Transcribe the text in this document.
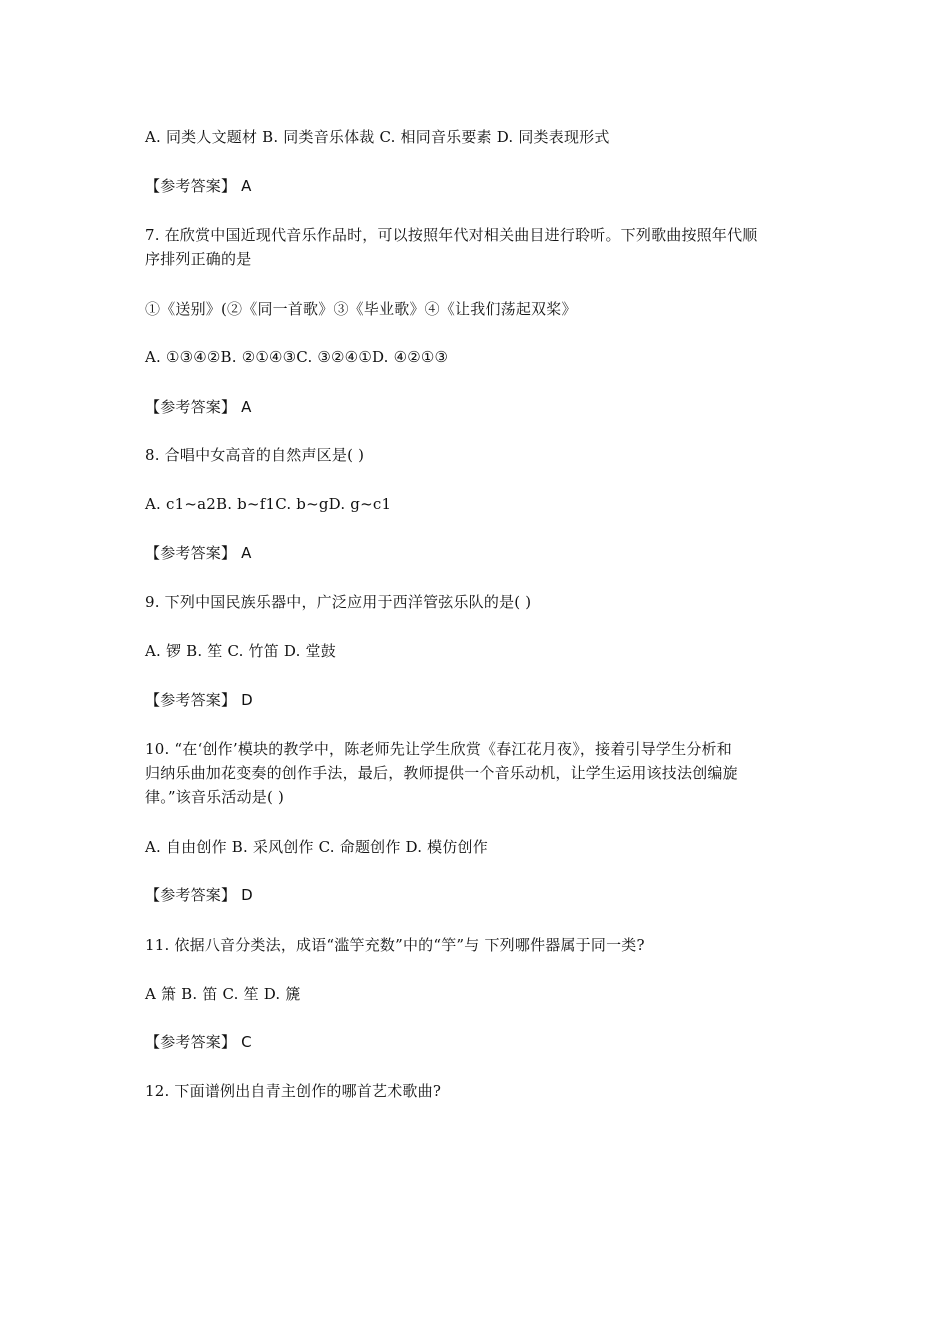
A. 同类人文题材 B. 同类音乐体裁 C. 相同音乐要素 D. 同类表现形式
【参考答案】 A
7. 在欣赏中国近现代音乐作品时，可以按照年代对相关曲目进行聆听。下列歌曲按照年代顺
序排列正确的是
①《送别》(②《同一首歌》③《毕业歌》④《让我们荡起双桨》
A. ①③④②B. ②①④③C. ③②④①D. ④②①③
【参考答案】 A
8. 合唱中女高音的自然声区是( )
A. c1~a2B. b~f1C. b~gD. g~c1
【参考答案】 A
9. 下列中国民族乐器中，广泛应用于西洋管弦乐队的是( )
A. 锣 B. 笙 C. 竹笛 D. 堂鼓
【参考答案】 D
10. “在‘创作’模块的教学中，陈老师先让学生欣赏《春江花月夜》，接着引导学生分析和
归纳乐曲加花变奏的创作手法，最后，教师提供一个音乐动机，让学生运用该技法创编旋
律。”该音乐活动是( )
A. 自由创作 B. 采风创作 C. 命题创作 D. 模仿创作
【参考答案】 D
11. 依据八音分类法，成语“滥竽充数”中的“竽”与 下列哪件器属于同一类?
A 箫 B. 笛 C. 笙 D. 篪
【参考答案】 C
12. 下面谱例出自青主创作的哪首艺术歌曲?
